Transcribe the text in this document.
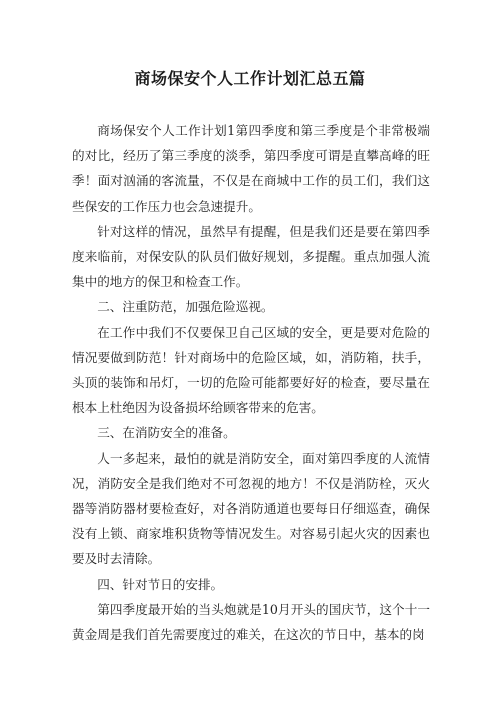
商场保安个人工作计划汇总五篇

商场保安个人工作计划1第四季度和第三季度是个非常极端的对比，经历了第三季度的淡季，第四季度可谓是直攀高峰的旺季！面对汹涌的客流量，不仅是在商城中工作的员工们，我们这些保安的工作压力也会急速提升。

针对这样的情况，虽然早有提醒，但是我们还是要在第四季度来临前，对保安队的队员们做好规划，多提醒。重点加强人流集中的地方的保卫和检查工作。

二、注重防范，加强危险巡视。

在工作中我们不仅要保卫自己区域的安全，更是要对危险的情况要做到防范！针对商场中的危险区域，如，消防箱，扶手，头顶的装饰和吊灯，一切的危险可能都要好好的检查，要尽量在根本上杜绝因为设备损坏给顾客带来的危害。

三、在消防安全的准备。

人一多起来，最怕的就是消防安全，面对第四季度的人流情况，消防安全是我们绝对不可忽视的地方！不仅是消防栓，灭火器等消防器材要检查好，对各消防通道也要每日仔细巡查，确保没有上锁、商家堆积货物等情况发生。对容易引起火灾的因素也要及时去清除。

四、针对节日的安排。

第四季度最开始的当头炮就是10月开头的国庆节，这个十一黄金周是我们首先需要度过的难关，在这次的节日中，基本的岗
